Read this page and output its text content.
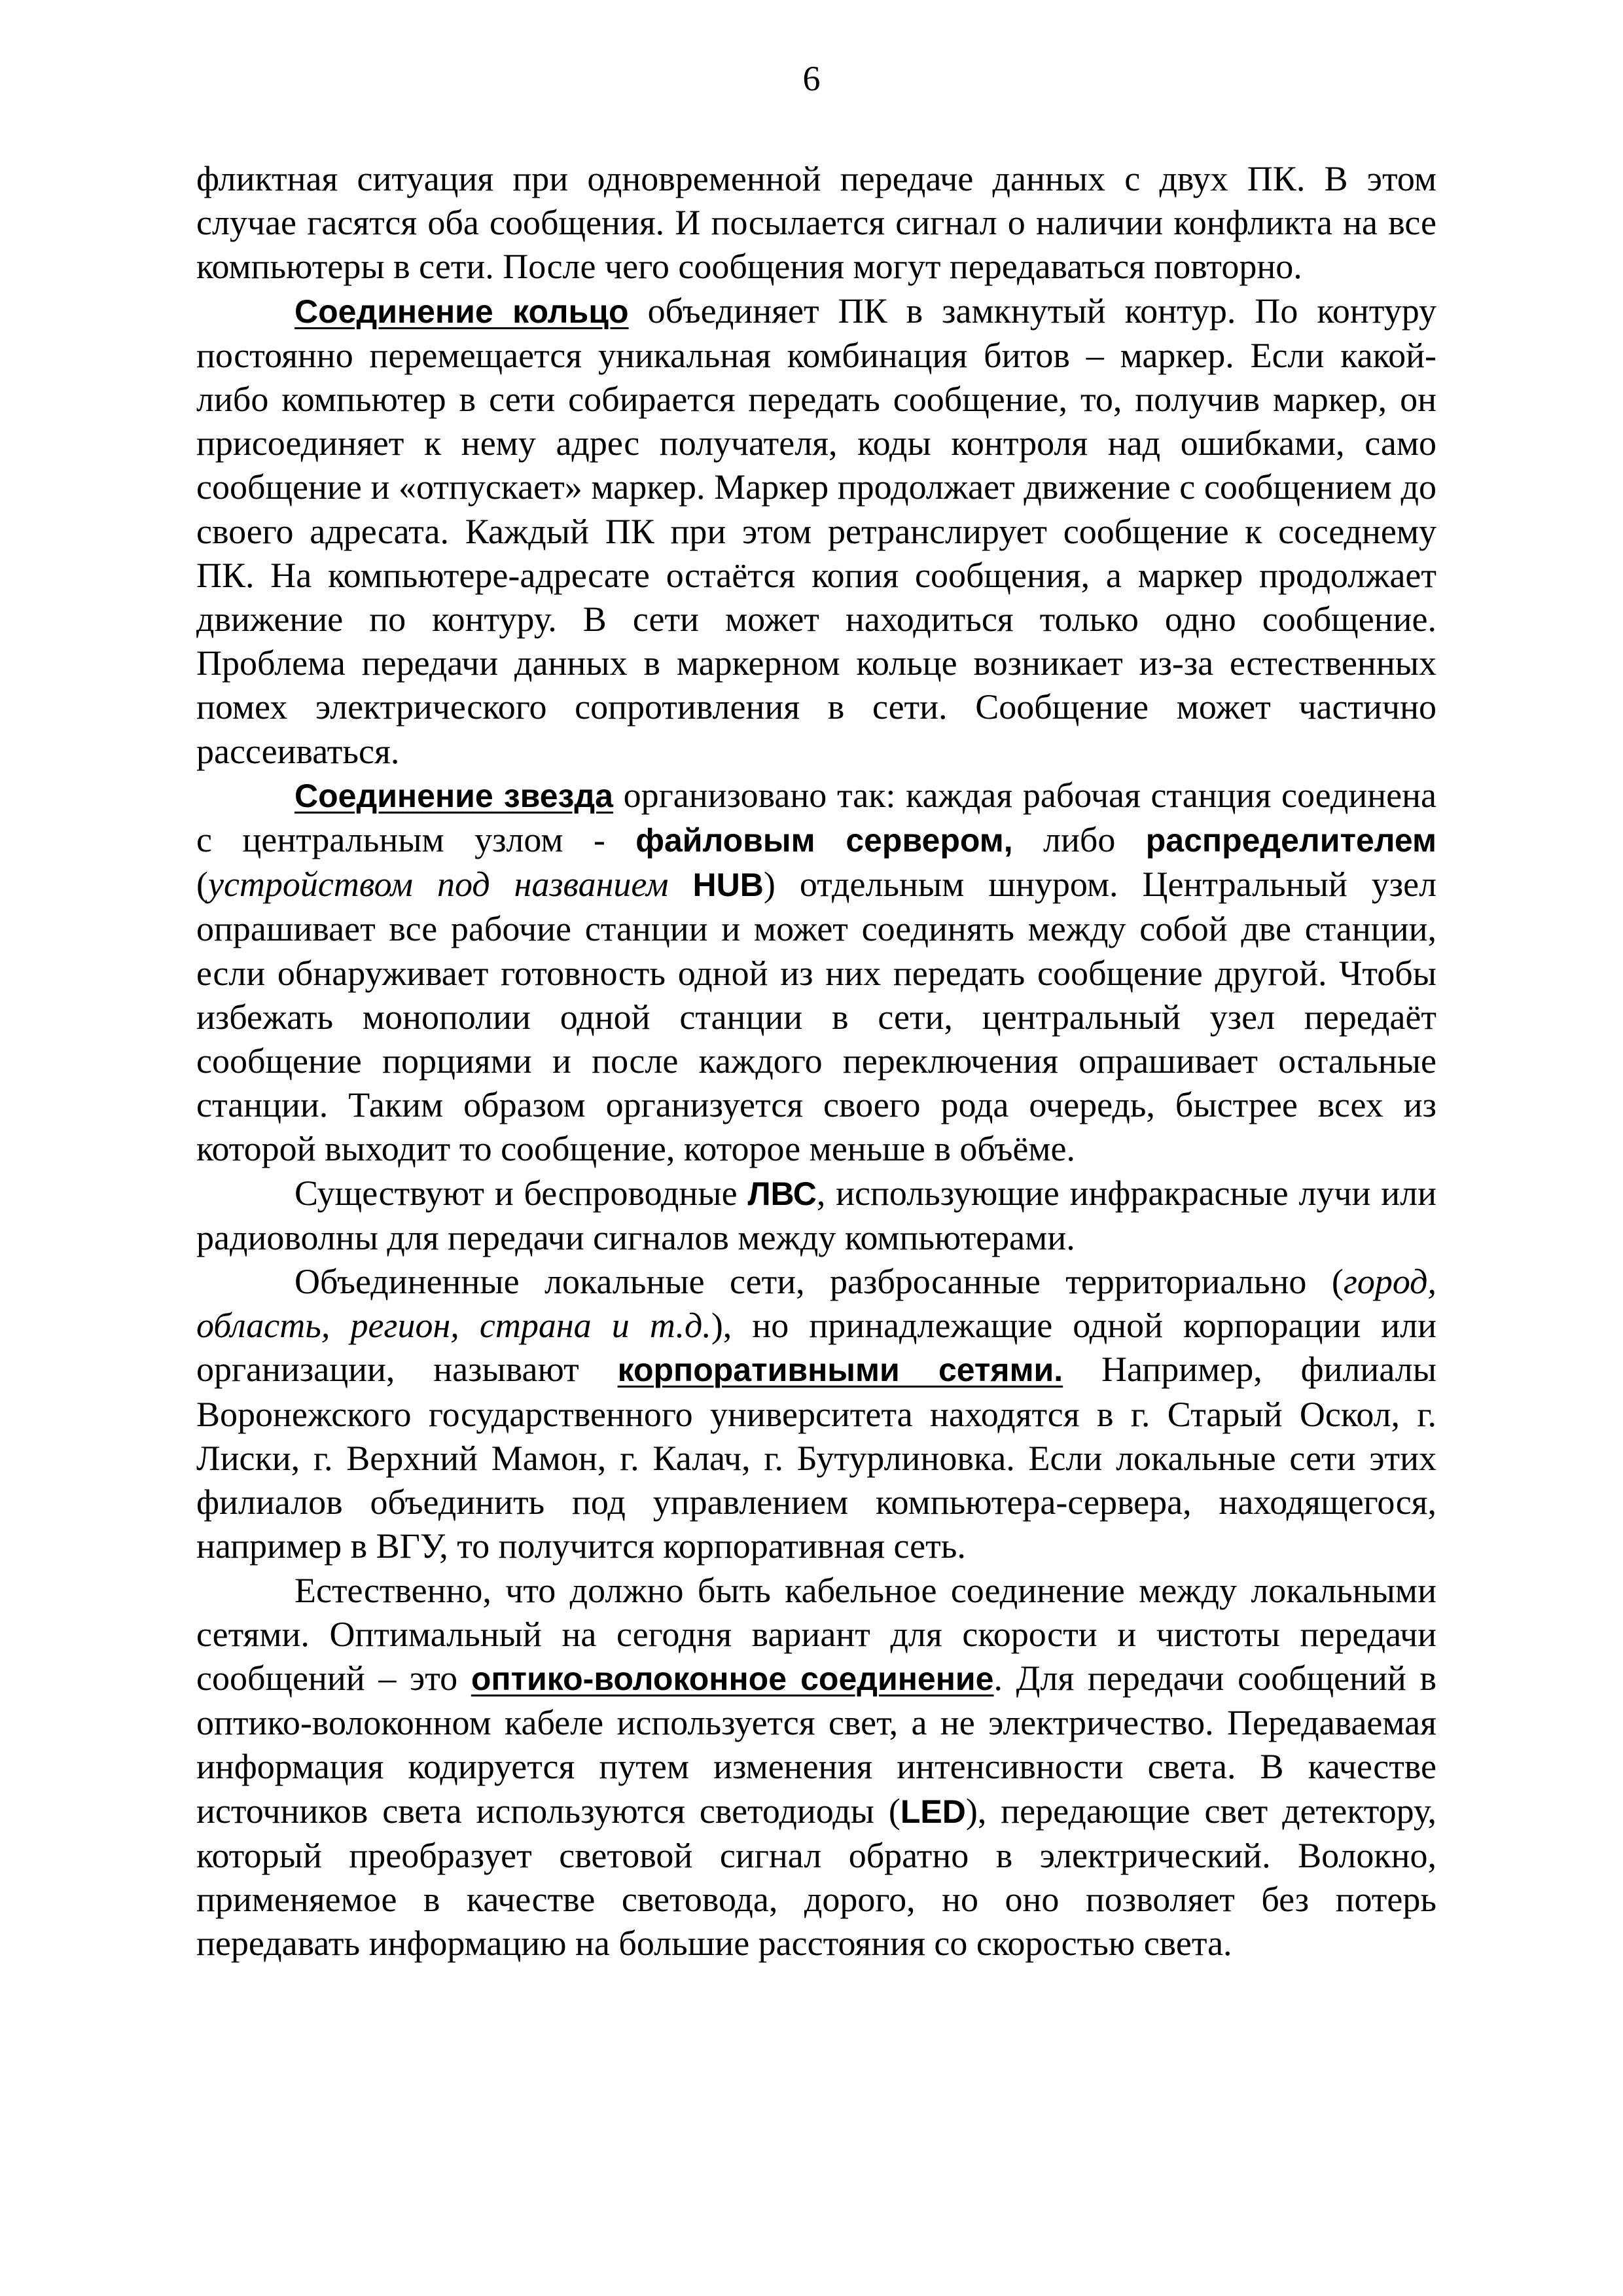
6

фликтная ситуация при одновременной передаче данных с двух ПК. В этом случае гасятся оба сообщения. И посылается сигнал о наличии конфликта на все компьютеры в сети. После чего сообщения могут передаваться повторно.

Соединение кольцо объединяет ПК в замкнутый контур. По контуру постоянно перемещается уникальная комбинация битов – маркер. Если какой-либо компьютер в сети собирается передать сообщение, то, получив маркер, он присоединяет к нему адрес получателя, коды контроля над ошибками, само сообщение и «отпускает» маркер. Маркер продолжает движение с сообщением до своего адресата. Каждый ПК при этом ретранслирует сообщение к соседнему ПК. На компьютере-адресате остаётся копия сообщения, а маркер продолжает движение по контуру. В сети может находиться только одно сообщение. Проблема передачи данных в маркерном кольце возникает из-за естественных помех электрического сопротивления в сети. Сообщение может частично рассеиваться.

Соединение звезда организовано так: каждая рабочая станция соединена с центральным узлом - файловым сервером, либо распределителем (устройством под названием HUB) отдельным шнуром. Центральный узел опрашивает все рабочие станции и может соединять между собой две станции, если обнаруживает готовность одной из них передать сообщение другой. Чтобы избежать монополии одной станции в сети, центральный узел передаёт сообщение порциями и после каждого переключения опрашивает остальные станции. Таким образом организуется своего рода очередь, быстрее всех из которой выходит то сообщение, которое меньше в объёме.

Существуют и беспроводные ЛВС, использующие инфракрасные лучи или радиоволны для передачи сигналов между компьютерами.

Объединенные локальные сети, разбросанные территориально (город, область, регион, страна и т.д.), но принадлежащие одной корпорации или организации, называют корпоративными сетями. Например, филиалы Воронежского государственного университета находятся в г. Старый Оскол, г. Лиски, г. Верхний Мамон, г. Калач, г. Бутурлиновка. Если локальные сети этих филиалов объединить под управлением компьютера-сервера, находящегося, например в ВГУ, то получится корпоративная сеть.

Естественно, что должно быть кабельное соединение между локальными сетями. Оптимальный на сегодня вариант для скорости и чистоты передачи сообщений – это оптико-волоконное соединение. Для передачи сообщений в оптико-волоконном кабеле используется свет, а не электричество. Передаваемая информация кодируется путем изменения интенсивности света. В качестве источников света используются светодиоды (LED), передающие свет детектору, который преобразует световой сигнал обратно в электрический. Волокно, применяемое в качестве световода, дорого, но оно позволяет без потерь передавать информацию на большие расстояния со скоростью света.
